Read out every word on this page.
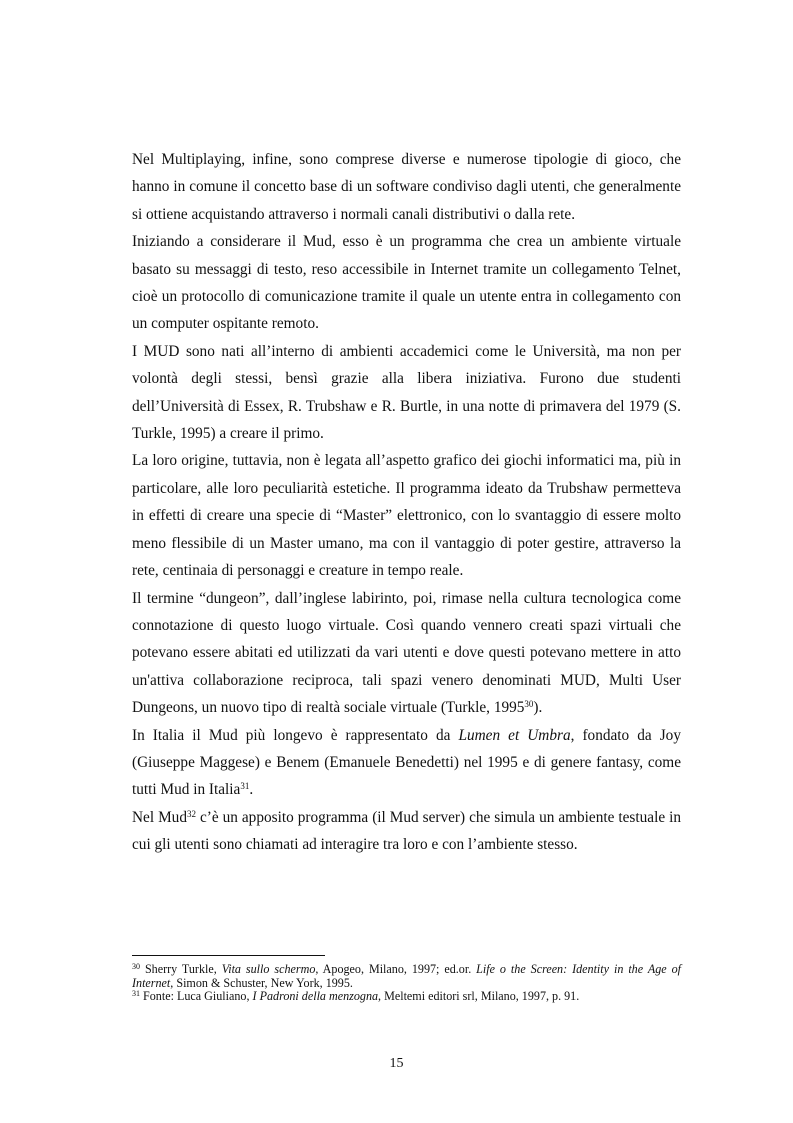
Nel Multiplaying, infine, sono comprese diverse e numerose tipologie di gioco, che hanno in comune il concetto base di un software condiviso dagli utenti, che generalmente si ottiene acquistando attraverso i normali canali distributivi o dalla rete.

Iniziando a considerare il Mud, esso è un programma che crea un ambiente virtuale basato su messaggi di testo, reso accessibile in Internet tramite un collegamento Telnet, cioè un protocollo di comunicazione tramite il quale un utente entra in collegamento con un computer ospitante remoto.

I MUD sono nati all’interno di ambienti accademici come le Università, ma non per volontà degli stessi, bensì grazie alla libera iniziativa. Furono due studenti dell’Università di Essex, R. Trubshaw e R. Burtle, in una notte di primavera del 1979 (S. Turkle, 1995) a creare il primo.

La loro origine, tuttavia, non è legata all’aspetto grafico dei giochi informatici ma, più in particolare, alle loro peculiarità estetiche. Il programma ideato da Trubshaw permetteva in effetti di creare una specie di “Master” elettronico, con lo svantaggio di essere molto meno flessibile di un Master umano, ma con il vantaggio di poter gestire, attraverso la rete, centinaia di personaggi e creature in tempo reale.

Il termine “dungeon”, dall’inglese labirinto, poi, rimase nella cultura tecnologica come connotazione di questo luogo virtuale. Così quando vennero creati spazi virtuali che potevano essere abitati ed utilizzati da vari utenti e dove questi potevano mettere in atto un'attiva collaborazione reciproca, tali spazi venero denominati MUD, Multi User Dungeons, un nuovo tipo di realtà sociale virtuale (Turkle, 1995$^{30}$).

In Italia il Mud più longevo è rappresentato da Lumen et Umbra, fondato da Joy (Giuseppe Maggese) e Benem (Emanuele Benedetti) nel 1995 e di genere fantasy, come tutti Mud in Italia$^{31}$.

Nel Mud$^{32}$ c’è un apposito programma (il Mud server) che simula un ambiente testuale in cui gli utenti sono chiamati ad interagire tra loro e con l’ambiente stesso.

$^{30}$ Sherry Turkle, Vita sullo schermo, Apogeo, Milano, 1997; ed.or. Life o the Screen: Identity in the Age of Internet, Simon & Schuster, New York, 1995.

$^{31}$ Fonte: Luca Giuliano, I Padroni della menzogna, Meltemi editori srl, Milano, 1997, p. 91.

15
